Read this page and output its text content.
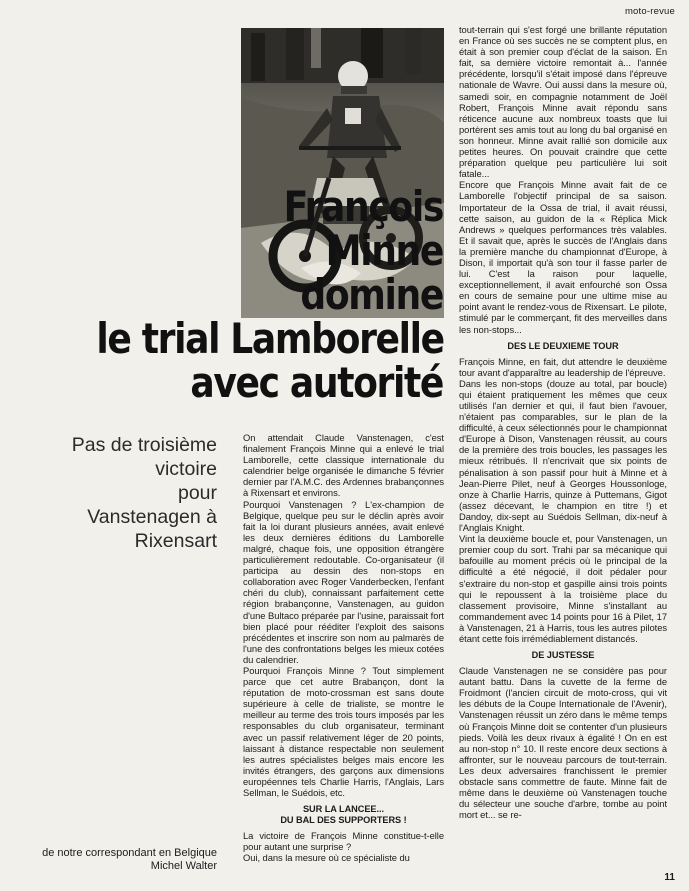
moto-revue
François
Minne
domine
le trial Lamborelle
avec autorité
Pas de troisième
victoire
pour
Vanstenagen à
Rixensart
de notre correspondant en Belgique
Michel Walter

On attendait Claude Vanstenagen, c'est finalement François Minne qui a enlevé le trial Lamborelle, cette classique internationale du calendrier belge organisée le dimanche 5 février dernier par l'A.M.C. des Ardennes brabançonnes à Rixensart et environs.

Pourquoi Vanstenagen ? L'ex-champion de Belgique, quelque peu sur le déclin après avoir fait la loi durant plusieurs années, avait enlevé les deux dernières éditions du Lamborelle malgré, chaque fois, une opposition étrangère particulièrement redoutable. Co-organisateur (il participa au dessin des non-stops en collaboration avec Roger Vanderbecken, l'enfant chéri du club), connaissant parfaitement cette région brabançonne, Vanstenagen, au guidon d'une Bultaco préparée par l'usine, paraissait fort bien placé pour rééditer l'exploit des saisons précédentes et inscrire son nom au palmarès de l'une des confrontations belges les mieux cotées du calendrier.

Pourquoi François Minne ? Tout simplement parce que cet autre Brabançon, dont la réputation de moto-crossman est sans doute supérieure à celle de trialiste, se montre le meilleur au terme des trois tours imposés par les responsables du club organisateur, terminant avec un passif relativement léger de 20 points, laissant à distance respectable non seulement les autres spécialistes belges mais encore les invités étrangers, des garçons aux dimensions européennes tels Charlie Harris, l'Anglais, Lars Sellman, le Suédois, etc.

SUR LA LANCEE...
DU BAL DES SUPPORTERS !

La victoire de François Minne constitue-t-elle pour autant une surprise ?

Oui, dans la mesure où ce spécialiste du

tout-terrain qui s'est forgé une brillante réputation en France où ses succès ne se comptent plus, en était à son premier coup d'éclat de la saison. En fait, sa dernière victoire remontait à... l'année précédente, lorsqu'il s'était imposé dans l'épreuve nationale de Wavre. Oui aussi dans la mesure où, samedi soir, en compagnie notamment de Joël Robert, François Minne avait répondu sans réticence aucune aux nombreux toasts que lui portèrent ses amis tout au long du bal organisé en son honneur. Minne avait rallié son domicile aux petites heures. On pouvait craindre que cette préparation quelque peu particulière lui soit fatale...

Encore que François Minne avait fait de ce Lamborelle l'objectif principal de sa saison. Importateur de la Ossa de trial, il avait réussi, cette saison, au guidon de la « Réplica Mick Andrews » quelques performances très valables. Et il savait que, après le succès de l'Anglais dans la première manche du championnat d'Europe, à Dison, il importait qu'à son tour il fasse parler de lui. C'est la raison pour laquelle, exceptionnellement, il avait enfourché son Ossa en cours de semaine pour une ultime mise au point avant le rendez-vous de Rixensart. Le pilote, stimulé par le commerçant, fit des merveilles dans les non-stops...

DES LE DEUXIEME TOUR

François Minne, en fait, dut attendre le deuxième tour avant d'apparaître au leadership de l'épreuve.

Dans les non-stops (douze au total, par boucle) qui étaient pratiquement les mêmes que ceux utilisés l'an dernier et qui, il faut bien l'avouer, n'étaient pas comparables, sur le plan de la difficulté, à ceux sélectionnés pour le championnat d'Europe à Dison, Vanstenagen réussit, au cours de la première des trois boucles, les passages les mieux rétribués. Il n'encrivait que six points de pénalisation à son passif pour huit à Minne et à Jean-Pierre Pilet, neuf à Georges Houssonloge, onze à Charlie Harris, quinze à Puttemans, Gigot (assez décevant, le champion en titre !) et Dandoy, dix-sept au Suédois Sellman, dix-neuf à l'Anglais Knight.

Vint la deuxième boucle et, pour Vanstenagen, un premier coup du sort. Trahi par sa mécanique qui bafouille au moment précis où le principal de la difficulté a été négocié, il doit pédaler pour s'extraire du non-stop et gaspille ainsi trois points qui le repoussent à la troisième place du classement provisoire, Minne s'installant au commandement avec 14 points pour 16 à Pilet, 17 à Vanstenagen, 21 à Harris, tous les autres pilotes étant cette fois irrémédiablement distancés.

DE JUSTESSE

Claude Vanstenagen ne se considère pas pour autant battu. Dans la cuvette de la ferme de Froidmont (l'ancien circuit de moto-cross, qui vit les débuts de la Coupe Internationale de l'Avenir), Vanstenagen réussit un zéro dans le même temps où François Minne doit se contenter d'un plusieurs pieds. Voilà les deux rivaux à égalité ! On en est au non-stop n° 10. Il reste encore deux sections à affronter, sur le nouveau parcours de tout-terrain. Les deux adversaires franchissent le premier obstacle sans commettre de faute. Minne fait de même dans le deuxième où Vanstenagen touche du sélecteur une souche d'arbre, tombe au point mort et... se re-

11
